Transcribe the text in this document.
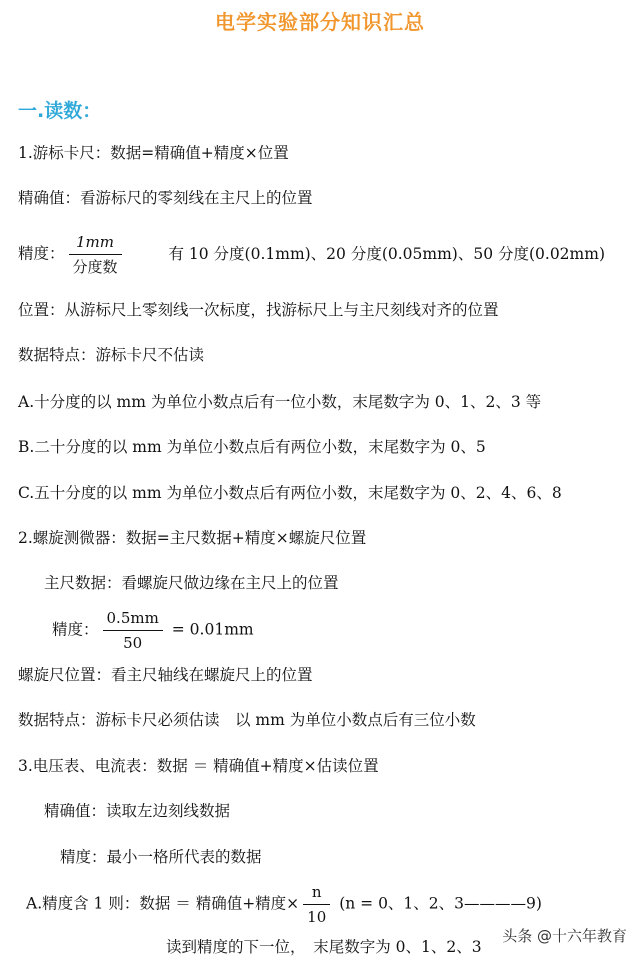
电学实验部分知识汇总
一.读数：
1.游标卡尺：数据=精确值+精度×位置
精确值：看游标尺的零刻线在主尺上的位置
精度： $\frac{1mm}{\text{分度数}}$	有 10 分度(0.1mm)、20 分度(0.05mm)、50 分度(0.02mm)
位置：从游标尺上零刻线一次标度，找游标尺上与主尺刻线对齐的位置
数据特点：游标卡尺不估读
A.十分度的以 mm 为单位小数点后有一位小数，末尾数字为 0、1、2、3 等
B.二十分度的以 mm 为单位小数点后有两位小数，末尾数字为 0、5
C.五十分度的以 mm 为单位小数点后有两位小数，末尾数字为 0、2、4、6、8
2.螺旋测微器：数据=主尺数据+精度×螺旋尺位置
主尺数据：看螺旋尺做边缘在主尺上的位置
精度： $\frac{0.5mm}{50} = 0.01mm$
螺旋尺位置：看主尺轴线在螺旋尺上的位置
数据特点：游标卡尺必须估读　以 mm 为单位小数点后有三位小数
3.电压表、电流表：数据 ＝ 精确值+精度×估读位置
精确值：读取左边刻线数据
精度：最小一格所代表的数据
A.精度含 1 则：数据 ＝ 精确值+精度× $\frac{n}{10} (n = 0$、1、2、3————9)
读到精度的下一位，　末尾数字为 0、1、2、3
头条 @十六年教育
